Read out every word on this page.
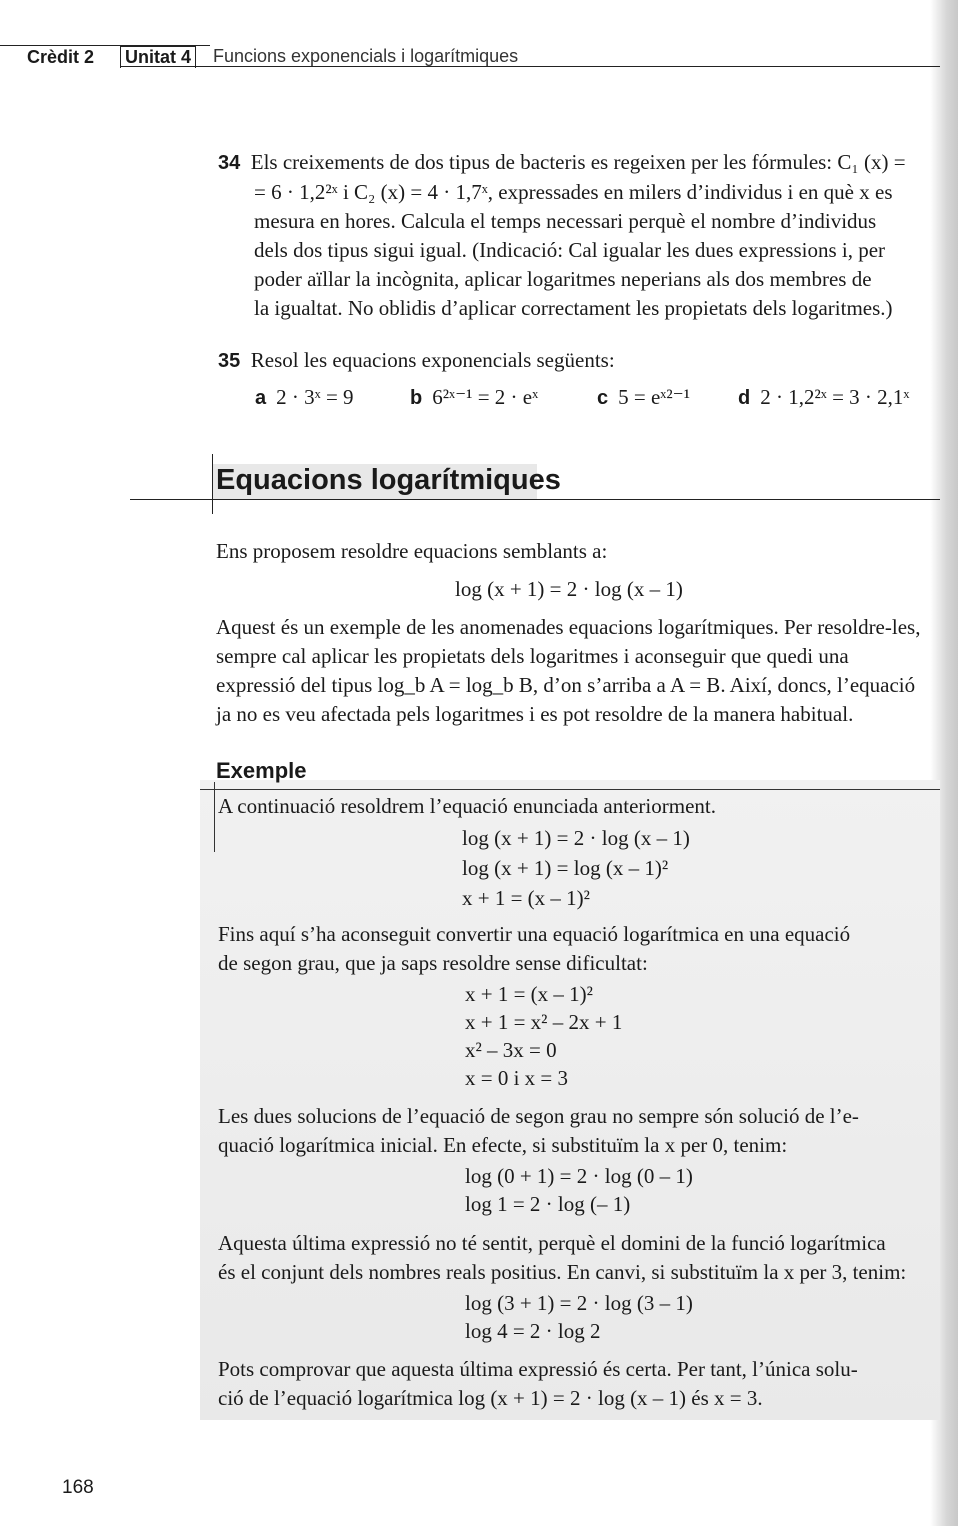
Crèdit 2 Unitat 4 Funcions exponencials i logarítmiques
34 Els creixements de dos tipus de bacteris es regeixen per les fórmules: C₁ (x) =
= 6 · 1,2²ˣ i C₂ (x) = 4 · 1,7ˣ, expressades en milers d’individus i en què x es
mesura en hores. Calcula el temps necessari perquè el nombre d’individus
dels dos tipus sigui igual. (Indicació: Cal igualar les dues expressions i, per
poder aïllar la incògnita, aplicar logaritmes neperians als dos membres de
la igualtat. No oblidis d’aplicar correctament les propietats dels logaritmes.)
35 Resol les equacions exponencials següents:
a 2 · 3ˣ = 9	b 6²ˣ⁻¹ = 2 · eˣ	c 5 = eˣ²⁻¹ d 2 · 1,2²ˣ = 3 · 2,1ˣ
Equacions logarítmiques
Ens proposem resoldre equacions semblants a:
log (x + 1) = 2 · log (x – 1)
Aquest és un exemple de les anomenades equacions logarítmiques. Per resoldre-les,
sempre cal aplicar les propietats dels logaritmes i aconseguir que quedi una
expressió del tipus log_b A = log_b B, d’on s’arriba a A = B. Així, doncs, l’equació
ja no es veu afectada pels logaritmes i es pot resoldre de la manera habitual.
Exemple
A continuació resoldrem l’equació enunciada anteriorment.
log (x + 1) = 2 · log (x – 1)
log (x + 1) = log (x – 1)²
x + 1 = (x – 1)²
Fins aquí s’ha aconseguit convertir una equació logarítmica en una equació
de segon grau, que ja saps resoldre sense dificultat:
x + 1 = (x – 1)²
x + 1 = x² – 2x + 1
x² – 3x = 0
x = 0 i x = 3
Les dues solucions de l’equació de segon grau no sempre són solució de l’e-
quació logarítmica inicial. En efecte, si substituïm la x per 0, tenim:
log (0 + 1) = 2 · log (0 – 1)
log 1 = 2 · log (– 1)
Aquesta última expressió no té sentit, perquè el domini de la funció logarítmica
és el conjunt dels nombres reals positius. En canvi, si substituïm la x per 3, tenim:
log (3 + 1) = 2 · log (3 – 1)
log 4 = 2 · log 2
Pots comprovar que aquesta última expressió és certa. Per tant, l’única solu-
ció de l’equació logarítmica log (x + 1) = 2 · log (x – 1) és x = 3.
168
